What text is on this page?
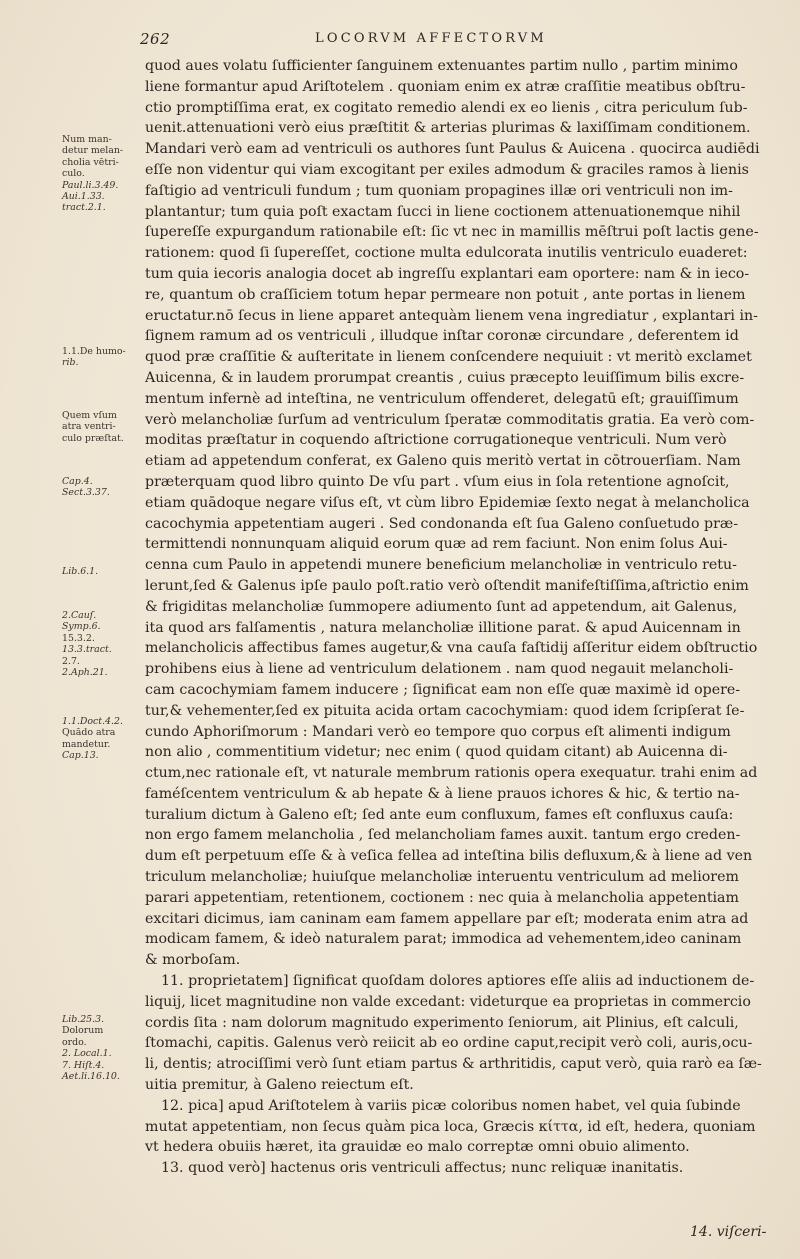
262	LOCORVM AFFECTORVM
Num man-
detur melan-
cholia vētri-
culo.
Paul.li.3.49.
Aui.1.33.
tract.2.1.
1.1.De humo-
rib.
Quem vſum
atra ventri-
culo præſtat.
Cap.4.
Sect.3.37.
Lib.6.1.
2.Cauſ.
Symp.6.
15.3.2.
13.3.tract.
2.7.
2.Aph.21.
1.1.Doct.4.2.
Quādo atra
mandetur.
Cap.13.
Lib.25.3.
Dolorum
ordo.
2. Local.1.
7. Hiſt.4.
Aet.li.16.10.
quod aues volatu ſufficienter ſanguinem extenuantes partim nullo , partim minimo
liene formantur apud Ariſtotelem . quoniam enim ex atræ craſſitie meatibus obſtru-
ctio promptiſſima erat, ex cogitato remedio alendi ex eo lienis , citra periculum ſub-
uenit.attenuationi verò eius præſtitit & arterias plurimas & laxiſſimam conditionem.
Mandari verò eam ad ventriculi os authores ſunt Paulus & Auicena . quocirca audiēdi
eſſe non videntur qui viam excogitant per exiles admodum & graciles ramos à lienis
faſtigio ad ventriculi fundum ; tum quoniam propagines illæ ori ventriculi non im-
plantantur; tum quia poſt exactam ſucci in liene coctionem attenuationemque nihil
ſupereſſe expurgandum rationabile eſt: ſic vt nec in mamillis mēſtrui poſt lactis gene-
rationem: quod ſi ſupereſſet, coctione multa edulcorata inutilis ventriculo euaderet:
tum quia iecoris analogia docet ab ingreſſu explantari eam oportere: nam & in ieco-
re, quantum ob craſſiciem totum hepar permeare non potuit , ante portas in lienem
eructatur.nō ſecus in liene apparet antequàm lienem vena ingrediatur , explantari in-
ſignem ramum ad os ventriculi , illudque inſtar coronæ circundare , deferentem id
quod præ craſſitie & auſteritate in lienem conſcendere nequiuit : vt meritò exclamet
Auicenna, & in laudem prorumpat creantis , cuius præcepto leuiſſimum bilis excre-
mentum infernè ad inteſtina, ne ventriculum offenderet, delegatū eſt; grauiſſimum
verò melancholiæ ſurſum ad ventriculum ſperatæ commoditatis gratia. Ea verò com-
moditas præſtatur in coquendo aſtrictione corrugationeque ventriculi. Num verò
etiam ad appetendum conferat, ex Galeno quis meritò vertat in cōtrouerſiam. Nam
præterquam quod libro quinto De vſu part . vſum eius in ſola retentione agnoſcit,
etiam quādoque negare viſus eſt, vt cùm libro Epidemiæ ſexto negat à melancholica
cacochymia appetentiam augeri . Sed condonanda eſt ſua Galeno conſuetudo præ-
termittendi nonnunquam aliquid eorum quæ ad rem faciunt. Non enim ſolus Aui-
cenna cum Paulo in appetendi munere beneficium melancholiæ in ventriculo retu-
lerunt,ſed & Galenus ipſe paulo poſt.ratio verò oſtendit manifeſtiſſima,aſtrictio enim
& frigiditas melancholiæ ſummopere adiumento ſunt ad appetendum, ait Galenus,
ita quod ars falſamentis , natura melancholiæ illitione parat. & apud Auicennam in
melancholicis affectibus fames augetur,& vna cauſa faſtidij aſſeritur eidem obſtructio
prohibens eius à liene ad ventriculum delationem . nam quod negauit melancholi-
cam cacochymiam famem inducere ; ſignificat eam non eſſe quæ maximè id opere-
tur,& vehementer,ſed ex pituita acida ortam cacochymiam: quod idem ſcripſerat ſe-
cundo Aphoriſmorum : Mandari verò eo tempore quo corpus eſt alimenti indigum
non alio , commentitium videtur; nec enim ( quod quidam citant) ab Auicenna di-
ctum,nec rationale eſt, vt naturale membrum rationis opera exequatur. trahi enim ad
faméſcentem ventriculum & ab hepate & à liene prauos ichores & hic, & tertio na-
turalium dictum à Galeno eſt; ſed ante eum confluxum, fames eſt confluxus cauſa:
non ergo famem melancholia , ſed melancholiam fames auxit. tantum ergo creden-
dum eſt perpetuum eſſe & à veſica fellea ad inteſtina bilis defluxum,& à liene ad ven
triculum melancholiæ; huiuſque melancholiæ interuentu ventriculum ad meliorem
parari appetentiam, retentionem, coctionem : nec quia à melancholia appetentiam
excitari dicimus, iam caninam eam famem appellare par eſt; moderata enim atra ad
modicam famem, & ideò naturalem parat; immodica ad vehementem,ideo caninam
& morboſam.
11. proprietatem] ſignificat quoſdam dolores aptiores eſſe aliis ad inductionem de-
liquij, licet magnitudine non valde excedant: videturque ea proprietas in commercio
cordis ſita : nam dolorum magnitudo experimento ſeniorum, ait Plinius, eſt calculi,
ſtomachi, capitis. Galenus verò reiicit ab eo ordine caput,recipit verò coli, auris,ocu-
li, dentis; atrociſſimi verò ſunt etiam partus & arthritidis, caput verò, quia rarò ea ſæ-
uitia premitur, à Galeno reiectum eſt.
12. pica] apud Ariſtotelem à variis picæ coloribus nomen habet, vel quia ſubinde
mutat appetentiam, non ſecus quàm pica loca, Græcis κίττα, id eſt, hedera, quoniam
vt hedera obuiis hæret, ita grauidæ eo malo correptæ omni obuio alimento.
13. quod verò] hactenus oris ventriculi affectus; nunc reliquæ inanitatis.
14. viſceri-
